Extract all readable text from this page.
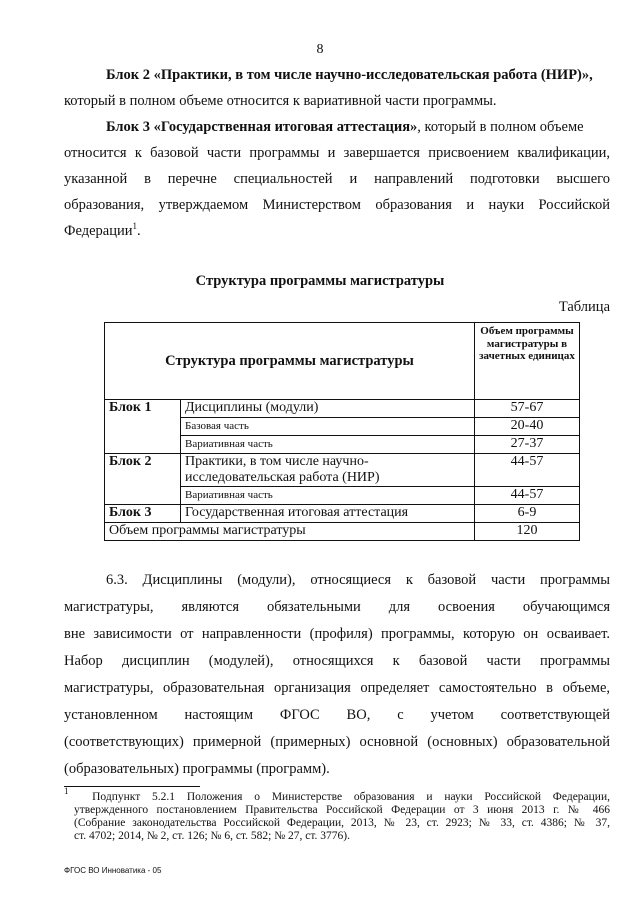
8
Блок 2 «Практики, в том числе научно-исследовательская работа (НИР)»,
который в полном объеме относится к вариативной части программы.
Блок 3 «Государственная итоговая аттестация», который в полном объеме
относится к базовой части программы и завершается присвоением квалификации,
указанной в перечне специальностей и направлений подготовки высшего
образования, утверждаемом Министерством образования и науки Российской
Федерации$^1$.
Структура программы магистратуры
Таблица
Структура программы магистратуры		Объем программы магистратуры в зачетных единицах
Блок 1	Дисциплины (модули)	57-67
	Базовая часть	20-40
	Вариативная часть	27-37
Блок 2	Практики, в том числе научно-исследовательская работа (НИР)	44-57
	Вариативная часть	44-57
Блок 3	Государственная итоговая аттестация	6-9
Объем программы магистратуры		120
6.3. Дисциплины (модули), относящиеся к базовой части программы
магистратуры, являются обязательными для освоения обучающимся
вне зависимости от направленности (профиля) программы, которую он осваивает.
Набор дисциплин (модулей), относящихся к базовой части программы
магистратуры, образовательная организация определяет самостоятельно в объеме,
установленном настоящим ФГОС ВО, с учетом соответствующей
(соответствующих) примерной (примерных) основной (основных) образовательной
(образовательных) программы (программ).
$^1$ Подпункт 5.2.1 Положения о Министерстве образования и науки Российской Федерации,
утвержденного постановлением Правительства Российской Федерации от 3 июня 2013 г. № 466
(Собрание законодательства Российской Федерации, 2013, № 23, ст. 2923; № 33, ст. 4386; № 37,
ст. 4702; 2014, № 2, ст. 126; № 6, ст. 582; № 27, ст. 3776).
ФГОС ВО Инноватика - 05
